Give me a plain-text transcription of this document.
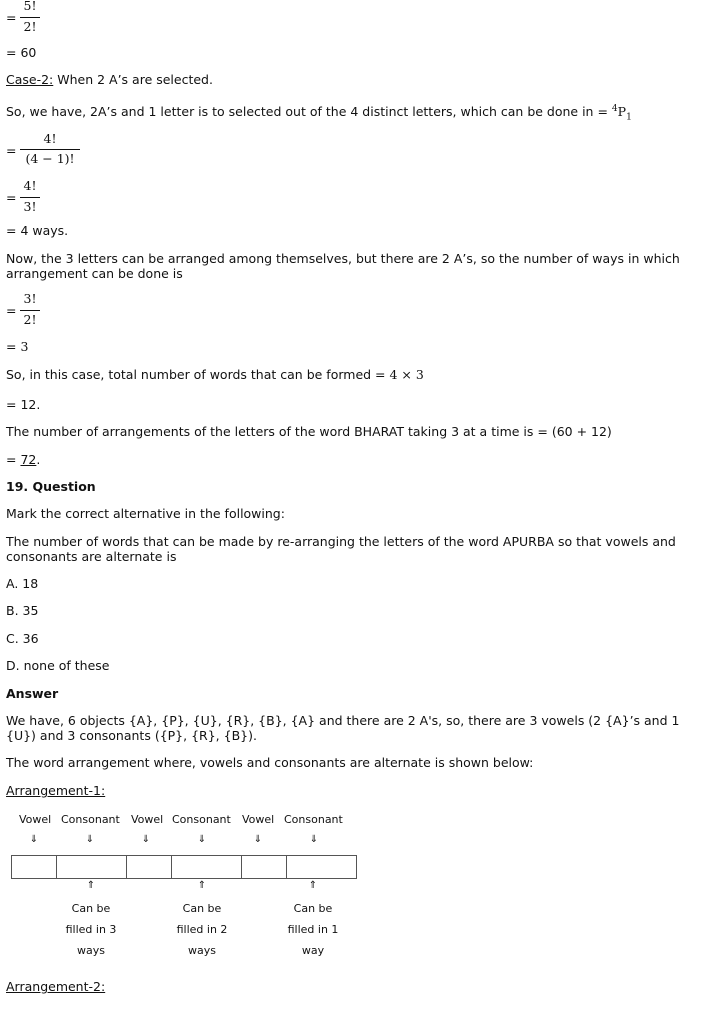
=
5!
2!
= 60
Case-2: When 2 A’s are selected.
So, we have, 2A’s and 1 letter is to selected out of the 4 distinct letters, which can be done in = $^4P_1$
=
4!
(4 − 1)!
=
4!
3!
= 4 ways.
Now, the 3 letters can be arranged among themselves, but there are 2 A’s, so the number of ways in which arrangement can be done is
=
3!
2!
= 3
So, in this case, total number of words that can be formed = 4 × 3
= 12.
The number of arrangements of the letters of the word BHARAT taking 3 at a time is = (60 + 12)
= 72.
19. Question
Mark the correct alternative in the following:
The number of words that can be made by re-arranging the letters of the word APURBA so that vowels and consonants are alternate is
A. 18
B. 35
C. 36
D. none of these
Answer
We have, 6 objects {A}, {P}, {U}, {R}, {B}, {A} and there are 2 A's, so, there are 3 vowels (2 {A}’s and 1 {U}) and 3 consonants ({P}, {R}, {B}).
The word arrangement where, vowels and consonants are alternate is shown below:
Arrangement-1:
Vowel Consonant Vowel Consonant Vowel Consonant
⇓	⇓	⇓	⇓	⇓	⇓
⇑	⇑	⇑
Can be
filled in 3
ways
Can be
filled in 2
ways
Can be
filled in 1
way
Arrangement-2:
